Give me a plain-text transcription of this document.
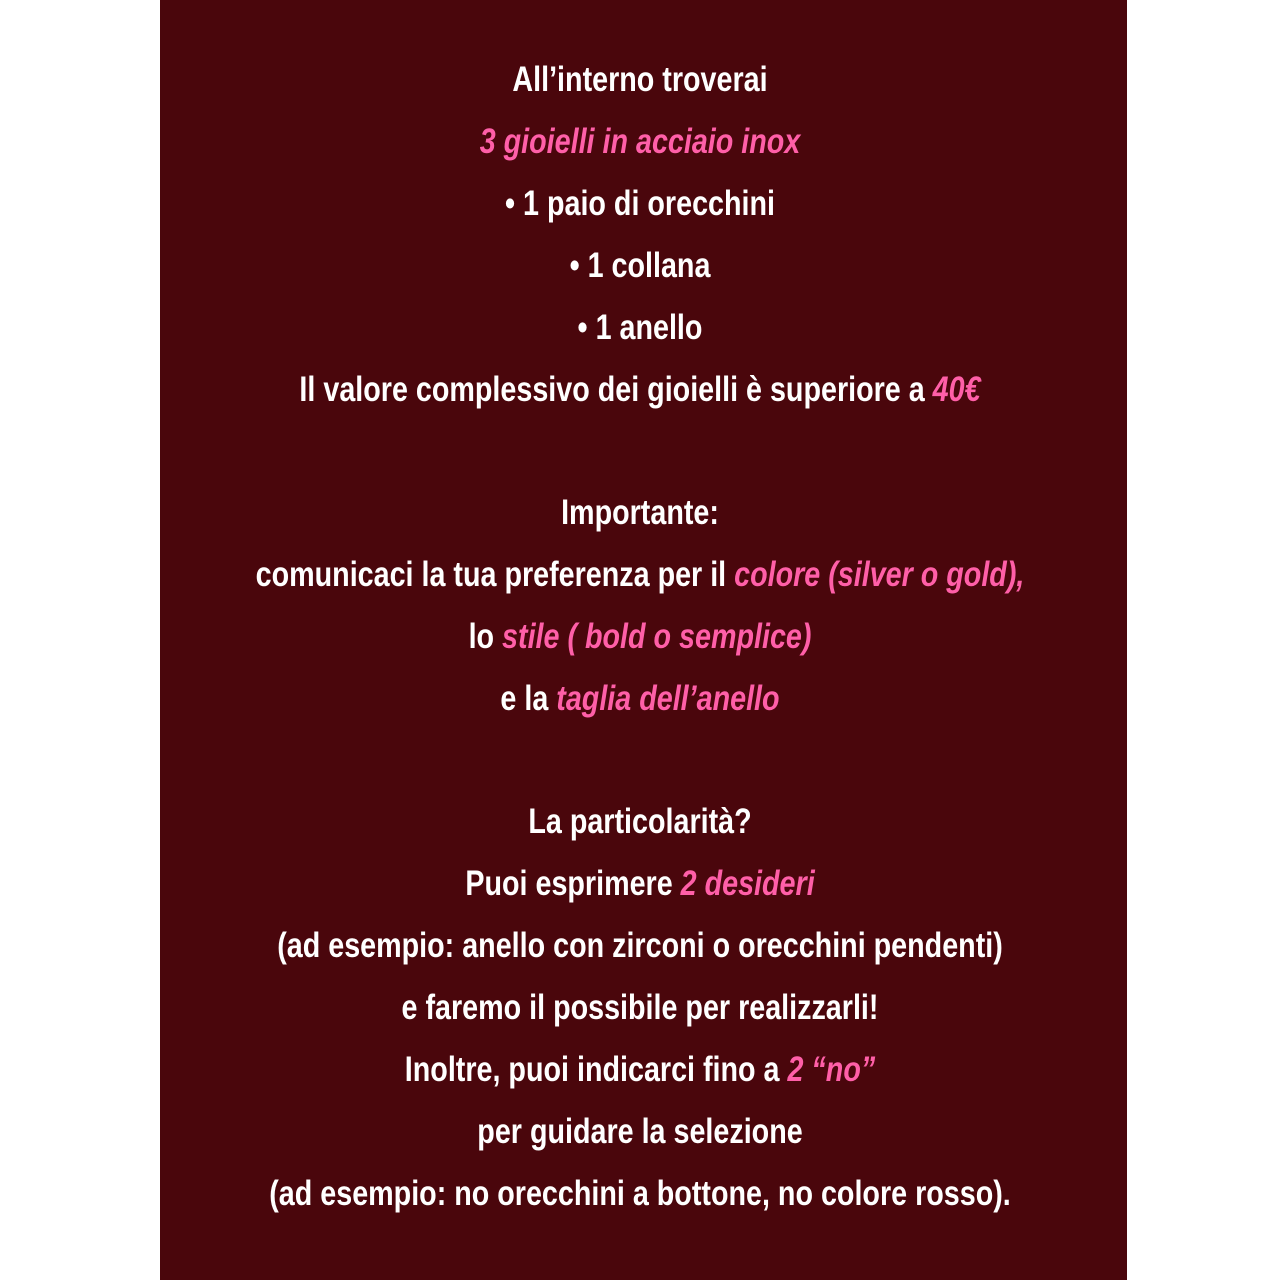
All’interno troverai
3 gioielli in acciaio inox
• 1 paio di orecchini
• 1 collana
• 1 anello
Il valore complessivo dei gioielli è superiore a 40€
Importante:
comunicaci la tua preferenza per il colore (silver o gold),
lo stile ( bold o semplice)
e la taglia dell’anello
La particolarità?
Puoi esprimere 2 desideri
(ad esempio: anello con zirconi o orecchini pendenti)
e faremo il possibile per realizzarli!
Inoltre, puoi indicarci fino a 2 “no”
per guidare la selezione
(ad esempio: no orecchini a bottone, no colore rosso).
